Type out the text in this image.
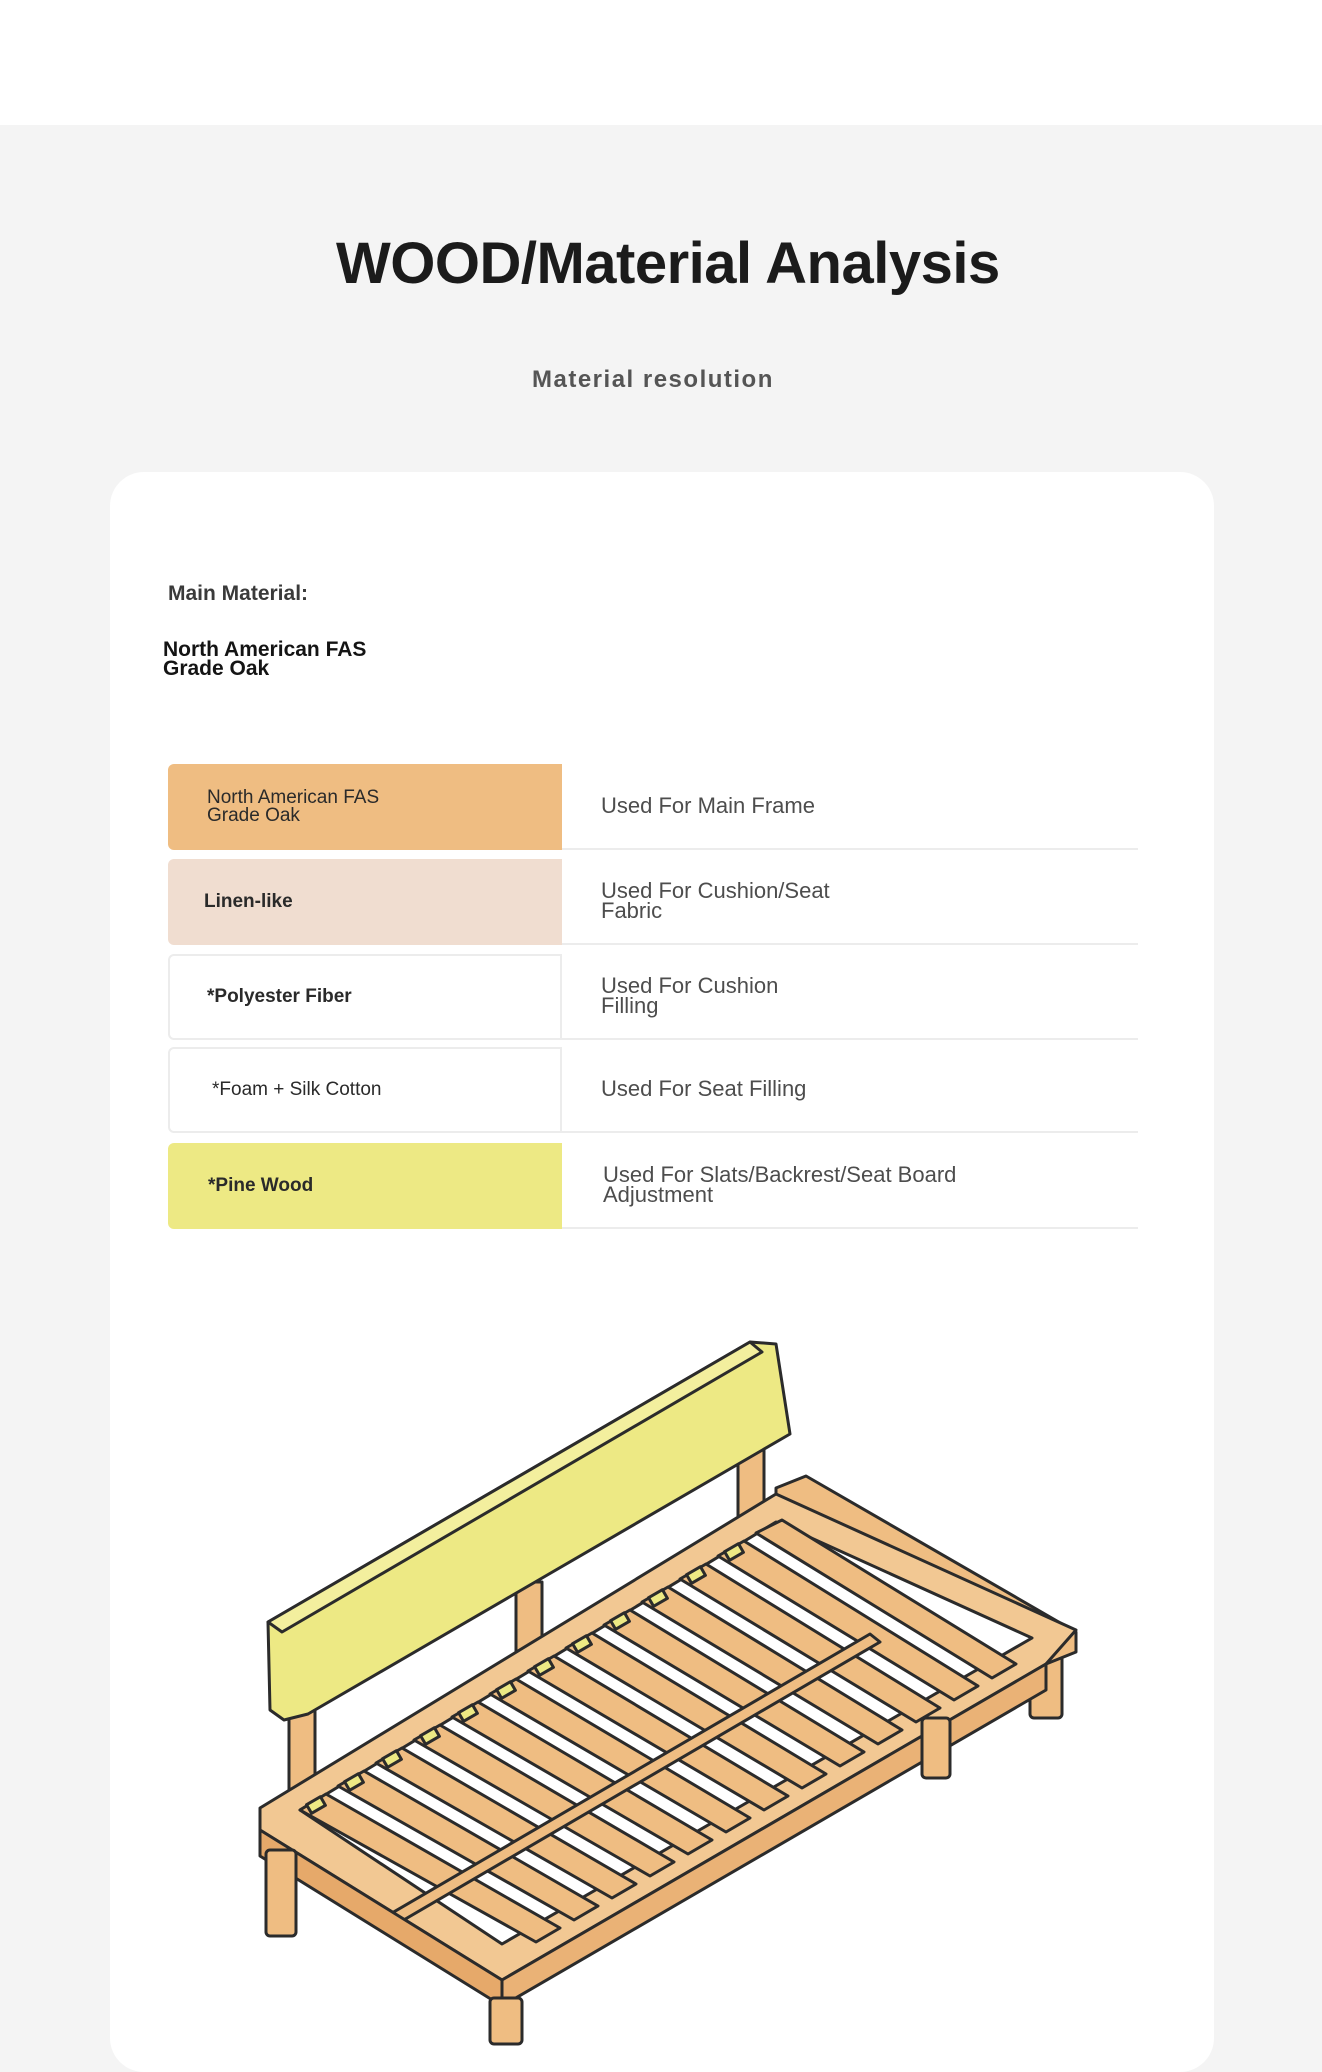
WOOD/Material Analysis

Material resolution

Main Material:
North American FAS Grade Oak
North American FAS Grade Oak	Used For Main Frame
Linen-like	Used For Cushion/Seat Fabric
*Polyester Fiber	Used For Cushion Filling
*Foam + Silk Cotton	Used For Seat Filling
*Pine Wood	Used For Slats/Backrest/Seat Board Adjustment
